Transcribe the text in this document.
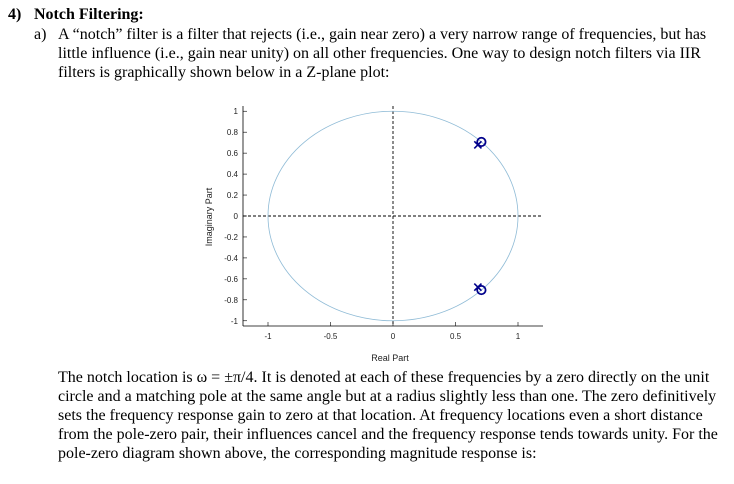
4) Notch Filtering:
a) A “notch” filter is a filter that rejects (i.e., gain near zero) a very narrow range of frequencies, but has little influence (i.e., gain near unity) on all other frequencies. One way to design notch filters via IIR filters is graphically shown below in a Z-plane plot:
1
0.8
0.6
0.4
0.2
0
-0.2
-0.4
-0.6
-0.8
-1
-1	-0.5	0	0.5	1
Real Part
Imaginary Part
The notch location is ω = ±π/4. It is denoted at each of these frequencies by a zero directly on the unit circle and a matching pole at the same angle but at a radius slightly less than one. The zero definitively sets the frequency response gain to zero at that location. At frequency locations even a short distance from the pole-zero pair, their influences cancel and the frequency response tends towards unity. For the pole-zero diagram shown above, the corresponding magnitude response is:
